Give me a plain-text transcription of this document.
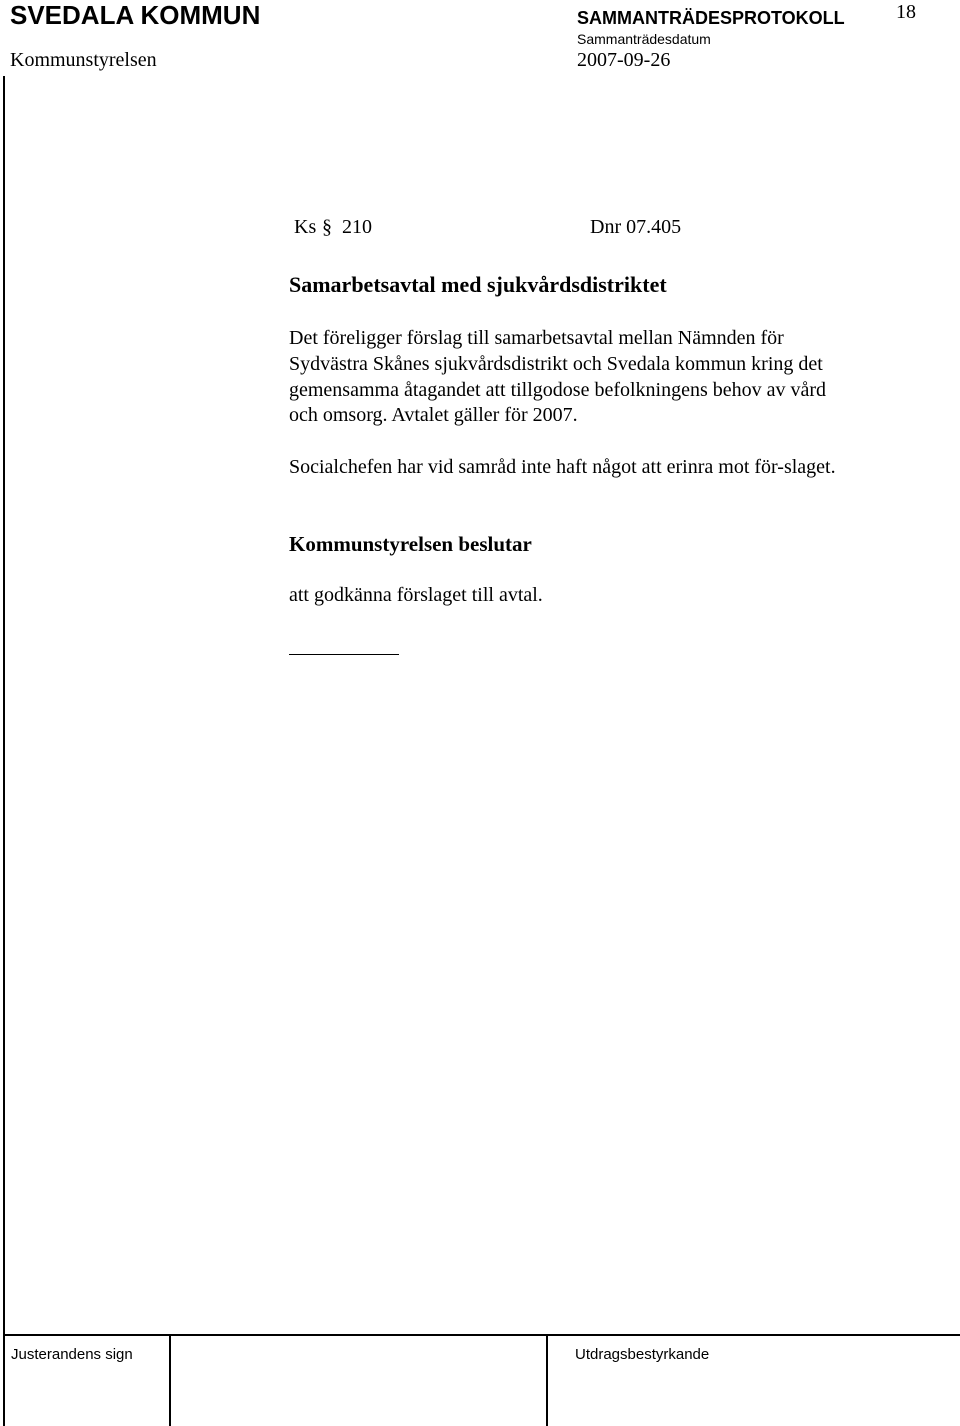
SVEDALA KOMMUN	SAMMANTRÄDESPROTOKOLL	18
Kommunstyrelsen
Sammanträdesdatum
2007-09-26
Ks § 210	Dnr 07.405
Samarbetsavtal med sjukvårdsdistriktet

Det föreligger förslag till samarbetsavtal mellan Nämnden för Sydvästra Skånes sjukvårdsdistrikt och Svedala kommun kring det gemensamma åtagandet att tillgodose befolkningens behov av vård och omsorg. Avtalet gäller för 2007.

Socialchefen har vid samråd inte haft något att erinra mot för-slaget.

Kommunstyrelsen beslutar
att godkänna förslaget till avtal.
Justerandens sign	Utdragsbestyrkande
